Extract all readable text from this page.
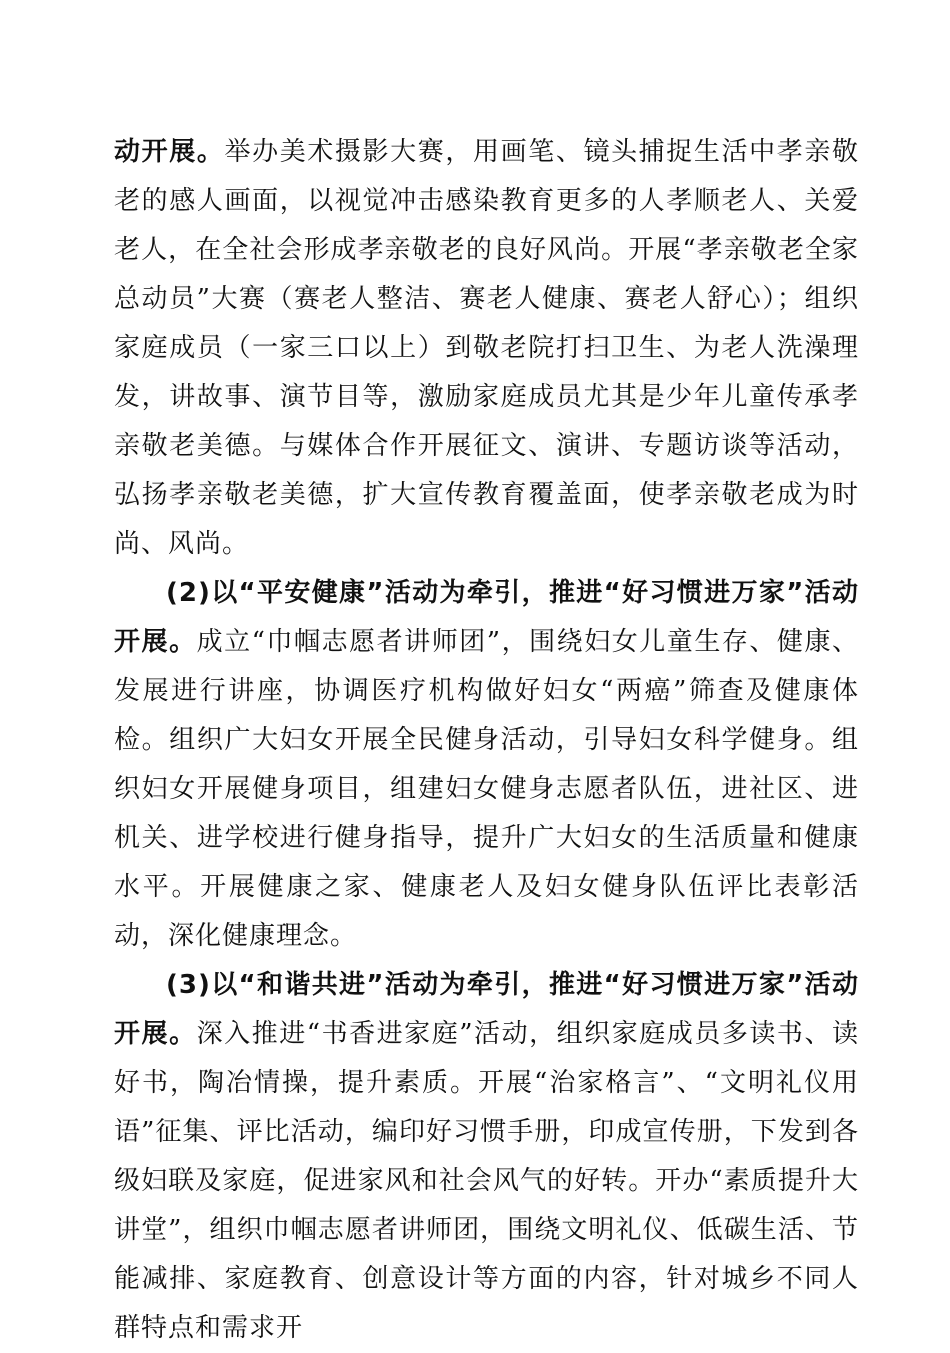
动开展。举办美术摄影大赛，用画笔、镜头捕捉生活中孝亲敬老的感人画面，以视觉冲击感染教育更多的人孝顺老人、关爱老人，在全社会形成孝亲敬老的良好风尚。开展“孝亲敬老全家总动员”大赛（赛老人整洁、赛老人健康、赛老人舒心）；组织家庭成员（一家三口以上）到敬老院打扫卫生、为老人洗澡理发，讲故事、演节目等，激励家庭成员尤其是少年儿童传承孝亲敬老美德。与媒体合作开展征文、演讲、专题访谈等活动，弘扬孝亲敬老美德，扩大宣传教育覆盖面，使孝亲敬老成为时尚、风尚。

(2)以“平安健康”活动为牵引，推进“好习惯进万家”活动开展。成立“巾帼志愿者讲师团”，围绕妇女儿童生存、健康、发展进行讲座，协调医疗机构做好妇女“两癌”筛查及健康体检。组织广大妇女开展全民健身活动，引导妇女科学健身。组织妇女开展健身项目，组建妇女健身志愿者队伍，进社区、进机关、进学校进行健身指导，提升广大妇女的生活质量和健康水平。开展健康之家、健康老人及妇女健身队伍评比表彰活动，深化健康理念。

(3)以“和谐共进”活动为牵引，推进“好习惯进万家”活动开展。深入推进“书香进家庭”活动，组织家庭成员多读书、读好书，陶冶情操，提升素质。开展“治家格言”、“文明礼仪用语”征集、评比活动，编印好习惯手册，印成宣传册，下发到各级妇联及家庭，促进家风和社会风气的好转。开办“素质提升大讲堂”，组织巾帼志愿者讲师团，围绕文明礼仪、低碳生活、节能减排、家庭教育、创意设计等方面的内容，针对城乡不同人群特点和需求开
